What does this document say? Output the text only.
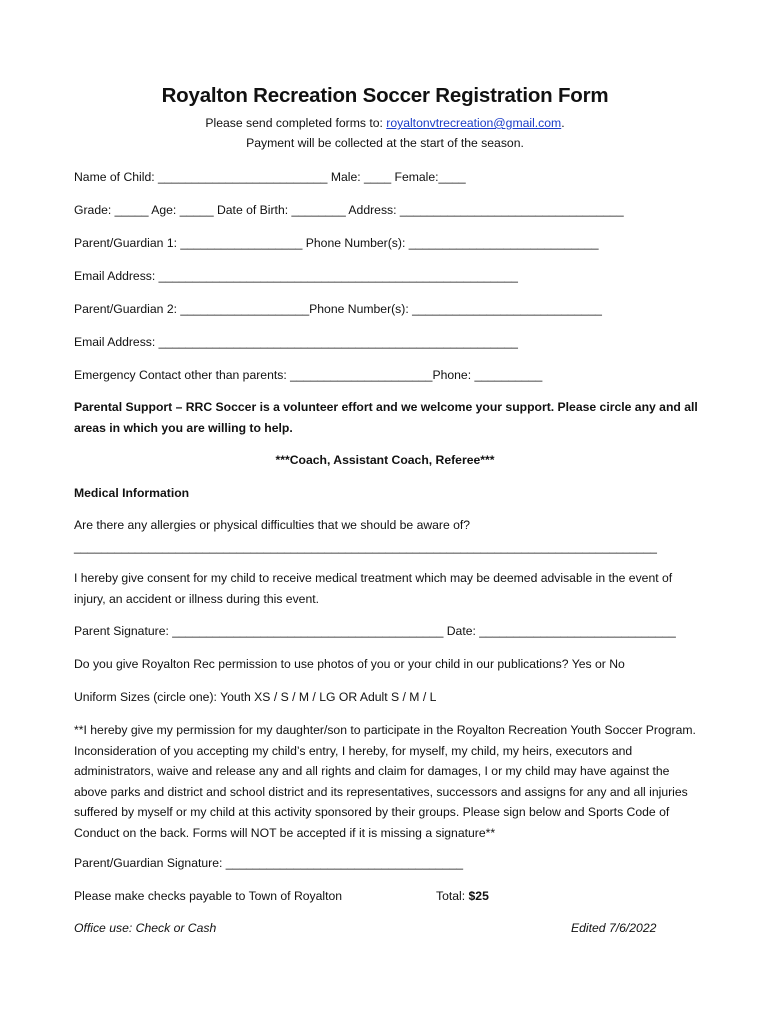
Royalton Recreation Soccer Registration Form
Please send completed forms to: royaltonvtrecreation@gmail.com.
Payment will be collected at the start of the season.
Name of Child: _________________________ Male: ____ Female:____
Grade: _____ Age: _____ Date of Birth: ________ Address: _________________________________
Parent/Guardian 1: __________________ Phone Number(s): ____________________________
Email Address: _____________________________________________________
Parent/Guardian 2: ___________________Phone Number(s): ____________________________
Email Address: _____________________________________________________
Emergency Contact other than parents: _____________________Phone: __________
Parental Support – RRC Soccer is a volunteer effort and we welcome your support. Please circle any and all areas in which you are willing to help.
***Coach, Assistant Coach, Referee***
Medical Information
Are there any allergies or physical difficulties that we should be aware of?
______________________________________________________________________________________
I hereby give consent for my child to receive medical treatment which may be deemed advisable in the event of injury, an accident or illness during this event.
Parent Signature: ________________________________________ Date: _____________________________
Do you give Royalton Rec permission to use photos of you or your child in our publications? Yes or No
Uniform Sizes (circle one): Youth XS / S / M / LG OR Adult S / M / L
**I hereby give my permission for my daughter/son to participate in the Royalton Recreation Youth Soccer Program. Inconsideration of you accepting my child’s entry, I hereby, for myself, my child, my heirs, executors and administrators, waive and release any and all rights and claim for damages, I or my child may have against the above parks and district and school district and its representatives, successors and assigns for any and all injuries suffered by myself or my child at this activity sponsored by their groups. Please sign below and Sports Code of Conduct on the back. Forms will NOT be accepted if it is missing a signature**
Parent/Guardian Signature: ___________________________________
Please make checks payable to Town of Royalton	Total: $25
Office use: Check or Cash	Edited 7/6/2022
